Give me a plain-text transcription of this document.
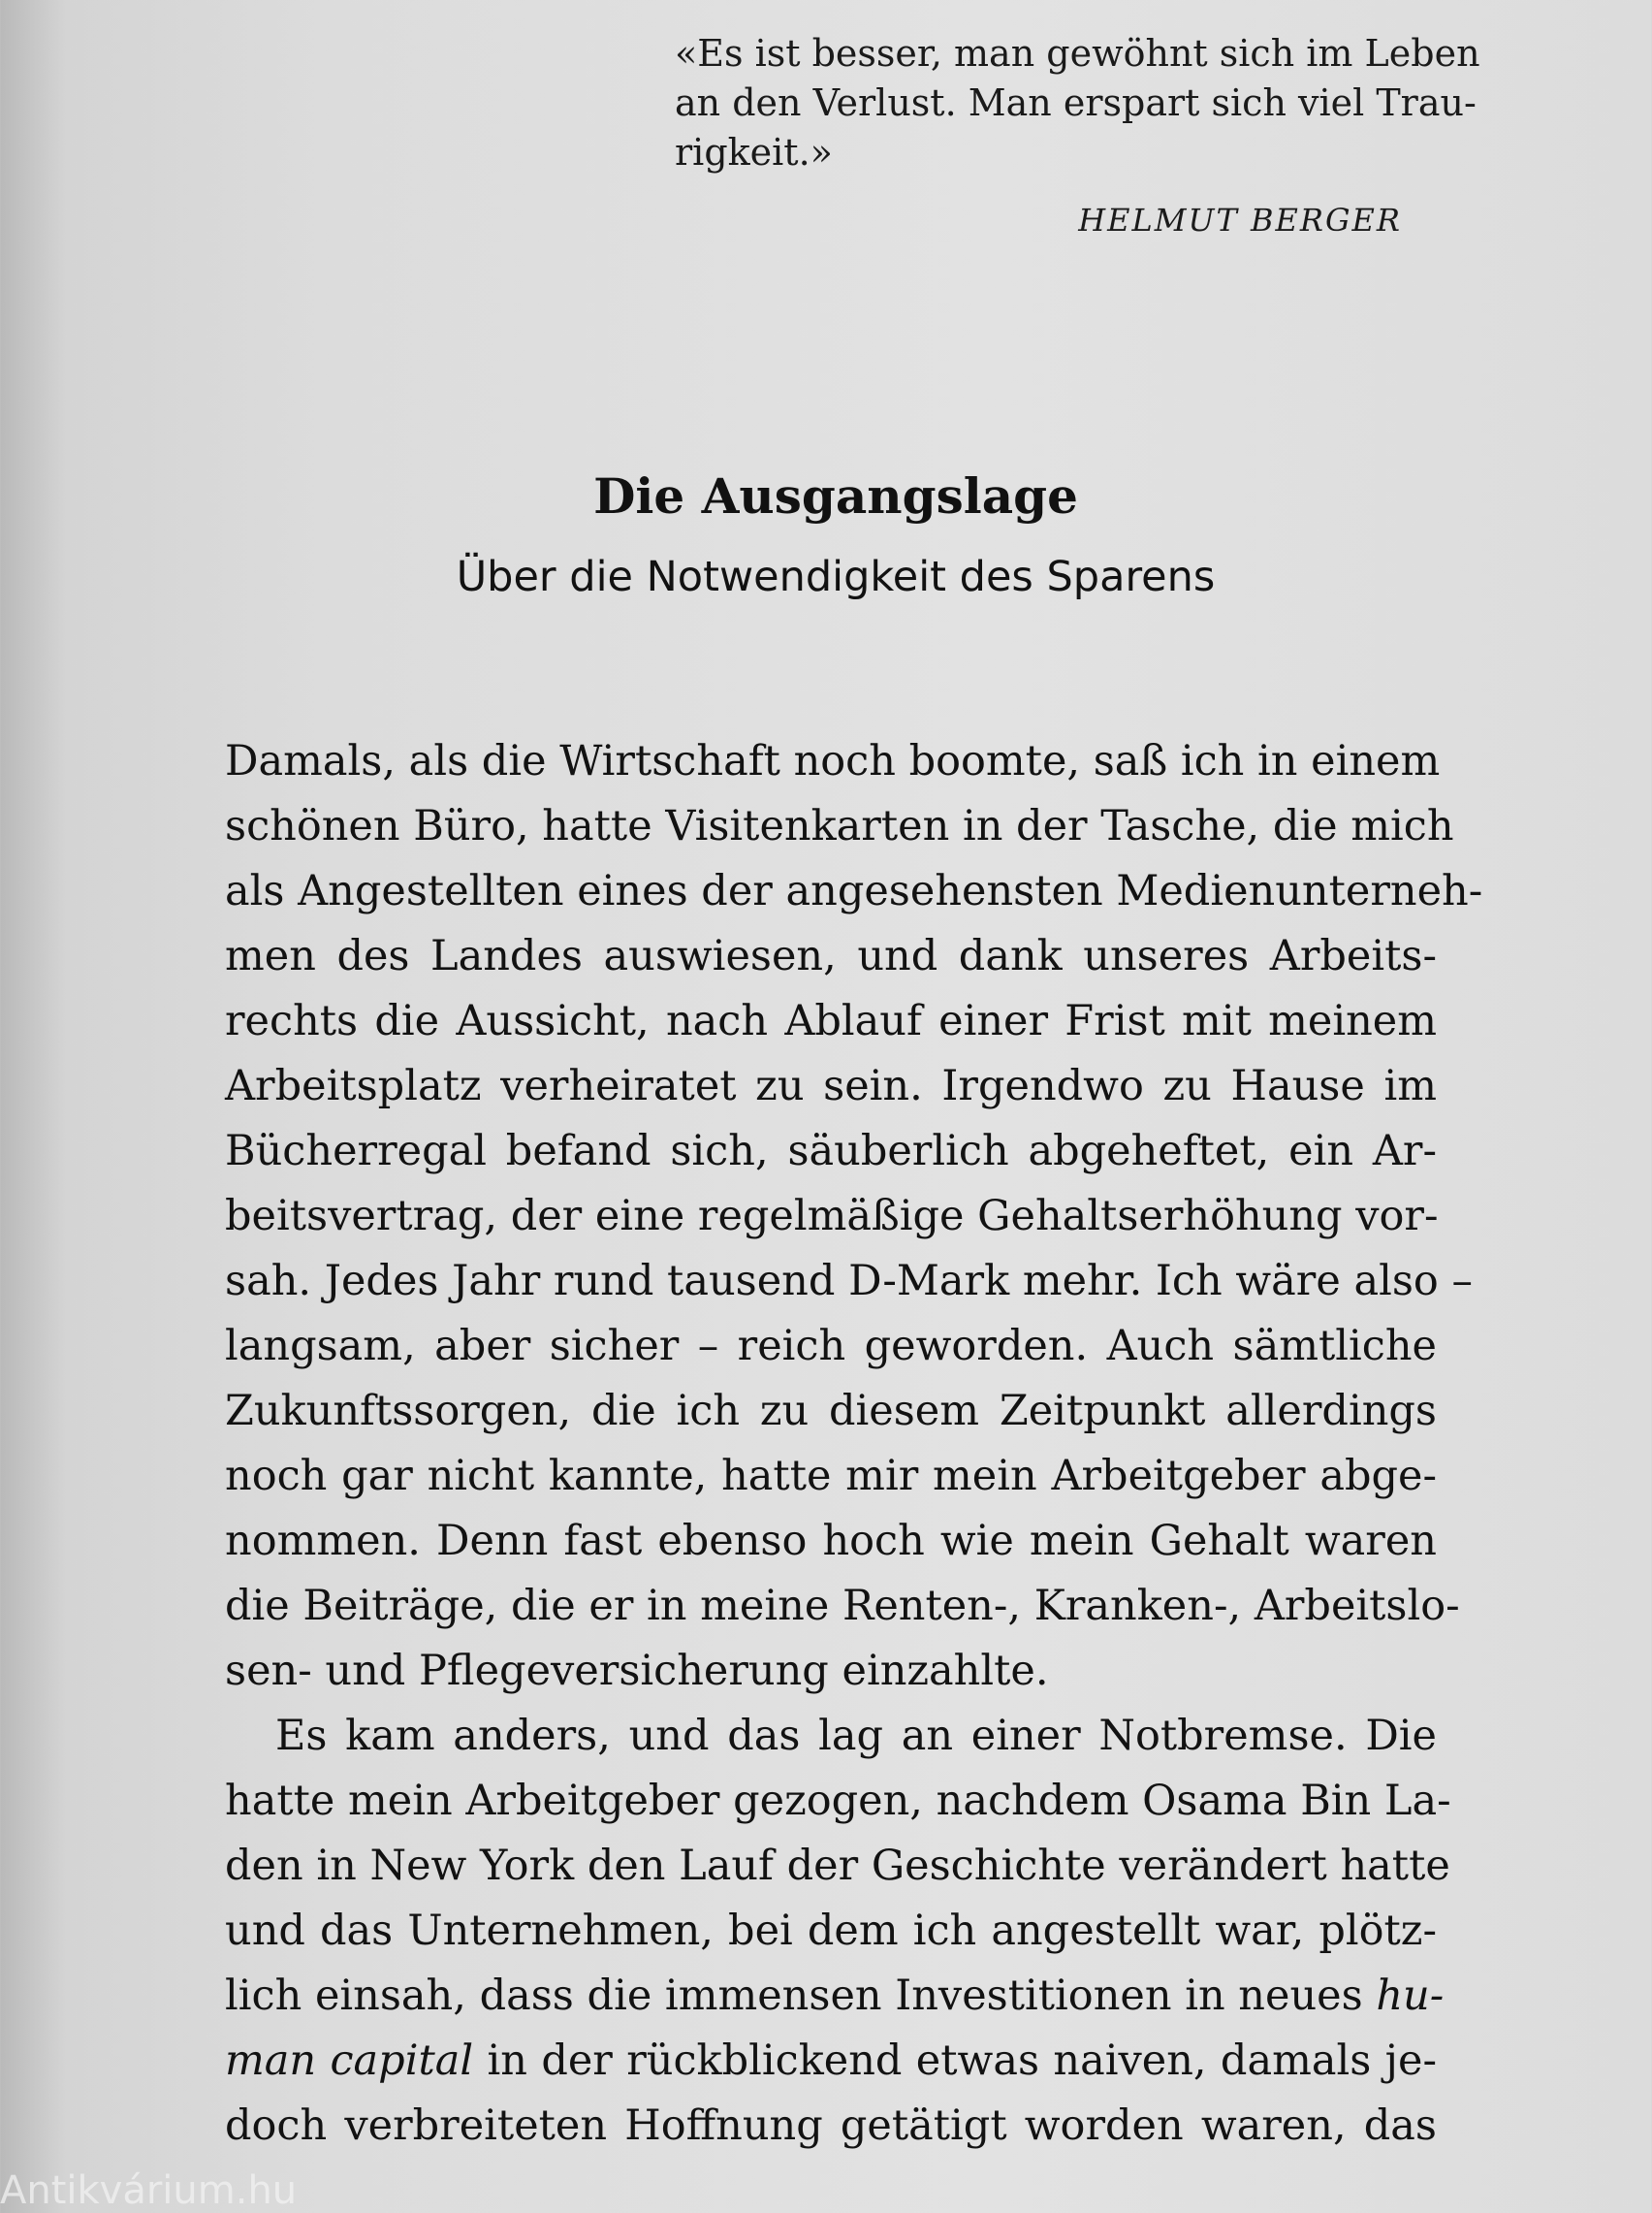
«Es ist besser, man gewöhnt sich im Leben
an den Verlust. Man erspart sich viel Trau-
rigkeit.»
HELMUT BERGER
Die Ausgangslage
Über die Notwendigkeit des Sparens
Damals, als die Wirtschaft noch boomte, saß ich in einem
schönen Büro, hatte Visitenkarten in der Tasche, die mich
als Angestellten eines der angesehensten Medienunterneh-
men des Landes auswiesen, und dank unseres Arbeits-
rechts die Aussicht, nach Ablauf einer Frist mit meinem
Arbeitsplatz verheiratet zu sein. Irgendwo zu Hause im
Bücherregal befand sich, säuberlich abgeheftet, ein Ar-
beitsvertrag, der eine regelmäßige Gehaltserhöhung vor-
sah. Jedes Jahr rund tausend D-Mark mehr. Ich wäre also –
langsam, aber sicher – reich geworden. Auch sämtliche
Zukunftssorgen, die ich zu diesem Zeitpunkt allerdings
noch gar nicht kannte, hatte mir mein Arbeitgeber abge-
nommen. Denn fast ebenso hoch wie mein Gehalt waren
die Beiträge, die er in meine Renten-, Kranken-, Arbeitslo-
sen- und Pflegeversicherung einzahlte.
Es kam anders, und das lag an einer Notbremse. Die
hatte mein Arbeitgeber gezogen, nachdem Osama Bin La-
den in New York den Lauf der Geschichte verändert hatte
und das Unternehmen, bei dem ich angestellt war, plötz-
lich einsah, dass die immensen Investitionen in neues hu-
man capital in der rückblickend etwas naiven, damals je-
doch verbreiteten Hoffnung getätigt worden waren, das
Antikvárium.hu
